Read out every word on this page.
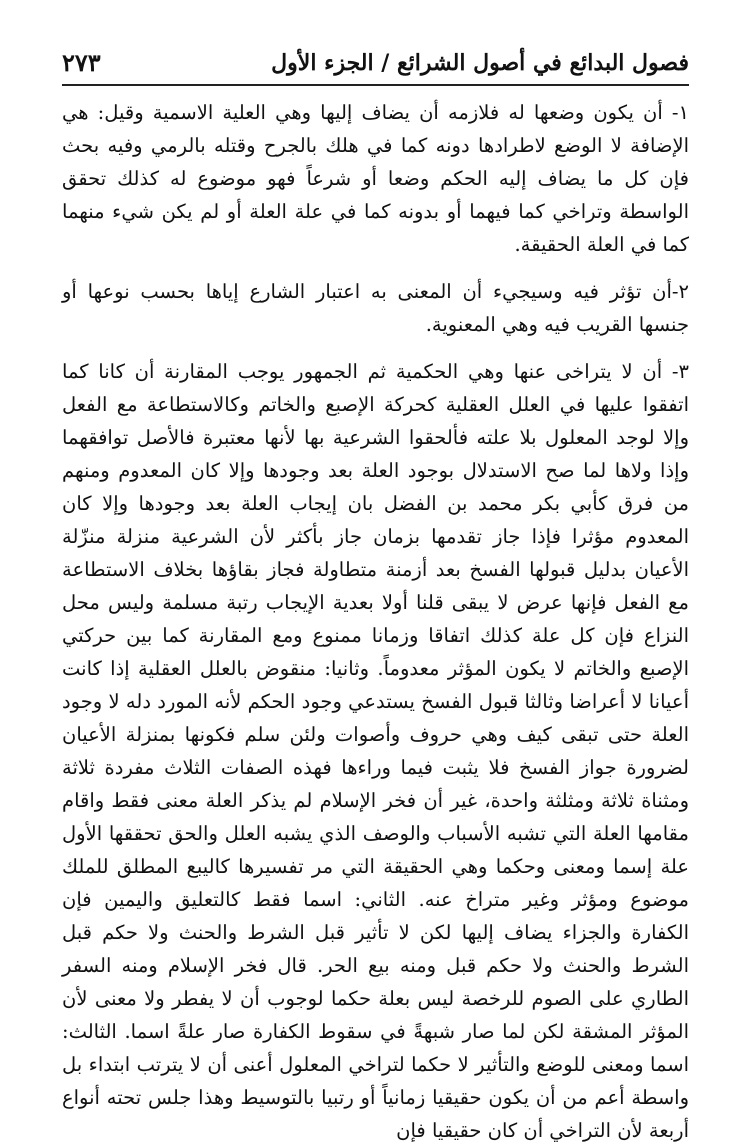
فصول البدائع في أصول الشرائع / الجزء الأول
٢٧٣

١- أن يكون وضعها له فلازمه أن يضاف إليها وهي العلية الاسمية وقيل: هي الإضافة لا الوضع لاطرادها دونه كما في هلك بالجرح وقتله بالرمي وفيه بحث فإن كل ما يضاف إليه الحكم وضعا أو شرعاً فهو موضوع له كذلك تحقق الواسطة وتراخي كما فيهما أو بدونه كما في علة العلة أو لم يكن شيء منهما كما في العلة الحقيقة.

٢-أن تؤثر فيه وسيجيء أن المعنى به اعتبار الشارع إياها بحسب نوعها أو جنسها القريب فيه وهي المعنوية.

٣- أن لا يتراخى عنها وهي الحكمية ثم الجمهور يوجب المقارنة أن كانا كما اتفقوا عليها في العلل العقلية كحركة الإصبع والخاتم وكالاستطاعة مع الفعل وإلا لوجد المعلول بلا علته فألحقوا الشرعية بها لأنها معتبرة فالأصل توافقهما وإذا ولاها لما صح الاستدلال بوجود العلة بعد وجودها وإلا كان المعدوم ومنهم من فرق كأبي بكر محمد بن الفضل بان إيجاب العلة بعد وجودها وإلا كان المعدوم مؤثرا فإذا جاز تقدمها بزمان جاز بأكثر لأن الشرعية منزلة منزّلة الأعيان بدليل قبولها الفسخ بعد أزمنة متطاولة فجاز بقاؤها بخلاف الاستطاعة مع الفعل فإنها عرض لا يبقى قلنا أولا بعدية الإيجاب رتبة مسلمة وليس محل النزاع فإن كل علة كذلك اتفاقا وزمانا ممنوع ومع المقارنة كما بين حركتي الإصبع والخاتم لا يكون المؤثر معدوماً. وثانيا: منقوض بالعلل العقلية إذا كانت أعيانا لا أعراضا وثالثا قبول الفسخ يستدعي وجود الحكم لأنه المورد دله لا وجود العلة حتى تبقى كيف وهي حروف وأصوات ولئن سلم فكونها بمنزلة الأعيان لضرورة جواز الفسخ فلا يثبت فيما وراءها فهذه الصفات الثلاث مفردة ثلاثة ومثناة ثلاثة ومثلثة واحدة، غير أن فخر الإسلام لم يذكر العلة معنى فقط واقام مقامها العلة التي تشبه الأسباب والوصف الذي يشبه العلل والحق تحققها الأول علة إسما ومعنى وحكما وهي الحقيقة التي مر تفسيرها كاليبع المطلق للملك موضوع ومؤثر وغير متراخ عنه. الثاني: اسما فقط كالتعليق واليمين فإن الكفارة والجزاء يضاف إليها لكن لا تأثير قبل الشرط والحنث ولا حكم قبل الشرط والحنث ولا حكم قبل ومنه بيع الحر. قال فخر الإسلام ومنه السفر الطاري على الصوم للرخصة ليس بعلة حكما لوجوب أن لا يفطر ولا معنى لأن المؤثر المشقة لكن لما صار شبهةً في سقوط الكفارة صار علةً اسما. الثالث: اسما ومعنى للوضع والتأثير لا حكما لتراخي المعلول أعنى أن لا يترتب ابتداء بل واسطة أعم من أن يكون حقيقيا زمانياً أو رتبيا بالتوسيط وهذا جلس تحته أنواع أربعة لأن التراخي أن كان حقيقيا فإن
